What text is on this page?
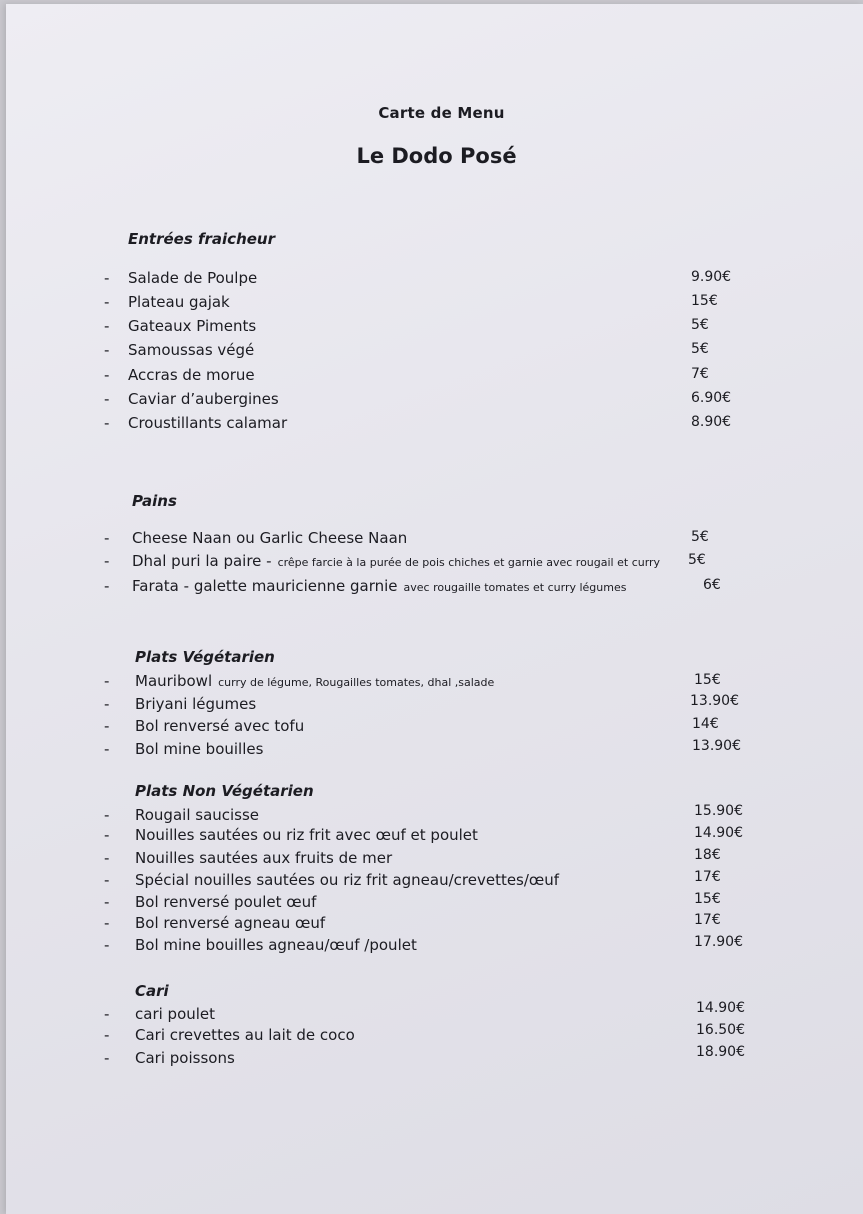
Carte de Menu
Le Dodo Posé
Entrées fraicheur
Pains
Plats Végétarien
Plats Non Végétarien
Cari
- Salade de Poulpe	9.90€
- Plateau gajak	15€
- Gateaux Piments	5€
- Samoussas végé	5€
- Accras de morue	7€
- Caviar d’aubergines	6.90€
- Croustillants calamar	8.90€
- Cheese Naan ou Garlic Cheese Naan	5€
- Dhal puri la paire - crêpe farcie à la purée de pois chiches et garnie avec rougail et curry 5€
- Farata - galette mauricienne garnie avec rougaille tomates et curry légumes	6€
- Mauribowl curry de légume, Rougailles tomates, dhal ,salade	15€
- Briyani légumes	13.90€
- Bol renversé avec tofu	14€
- Bol mine bouilles	13.90€
- Rougail saucisse	15.90€
- Nouilles sautées ou riz frit avec œuf et poulet	14.90€
- Nouilles sautées aux fruits de mer	18€
- Spécial nouilles sautées ou riz frit agneau/crevettes/œuf	17€
- Bol renversé poulet œuf	15€
- Bol renversé agneau œuf	17€
- Bol mine bouilles agneau/œuf /poulet	17.90€
- cari poulet	14.90€
- Cari crevettes au lait de coco	16.50€
- Cari poissons	18.90€
